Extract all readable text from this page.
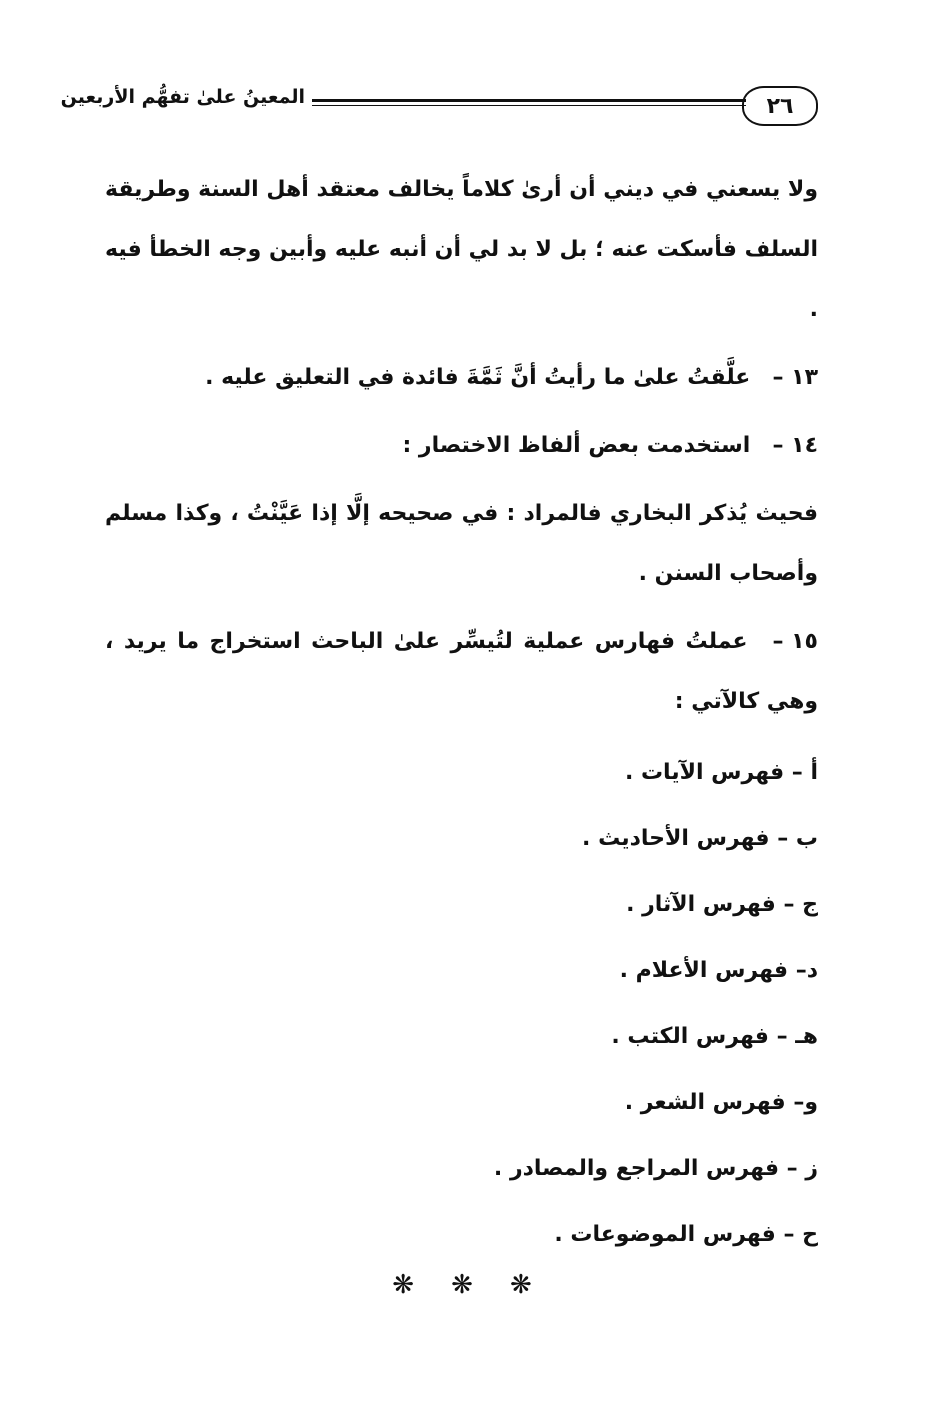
٢٦
المعينُ علىٰ تفهُّم الأربعين

ولا يسعني في ديني أن أرىٰ كلاماً يخالف معتقد أهل السنة وطريقة السلف فأسكت عنه ؛ بل لا بد لي أن أنبه عليه وأبين وجه الخطأ فيه .

١٣ – علَّقتُ علىٰ ما رأيتُ أنَّ ثَمَّةَ فائدة في التعليق عليه .

١٤ – استخدمت بعض ألفاظ الاختصار :

فحيث يُذكر البخاري فالمراد : في صحيحه إلَّا إذا عَيَّنْتُ ، وكذا مسلم وأصحاب السنن .

١٥ – عملتُ فهارس عملية لتُيسِّر علىٰ الباحث استخراج ما يريد ، وهي كالآتي :

أ – فهرس الآيات .
ب – فهرس الأحاديث .
ج – فهرس الآثار .
د– فهرس الأعلام .
هـ – فهرس الكتب .
و– فهرس الشعر .
ز – فهرس المراجع والمصادر .
ح – فهرس الموضوعات .
❋ ❋ ❋
